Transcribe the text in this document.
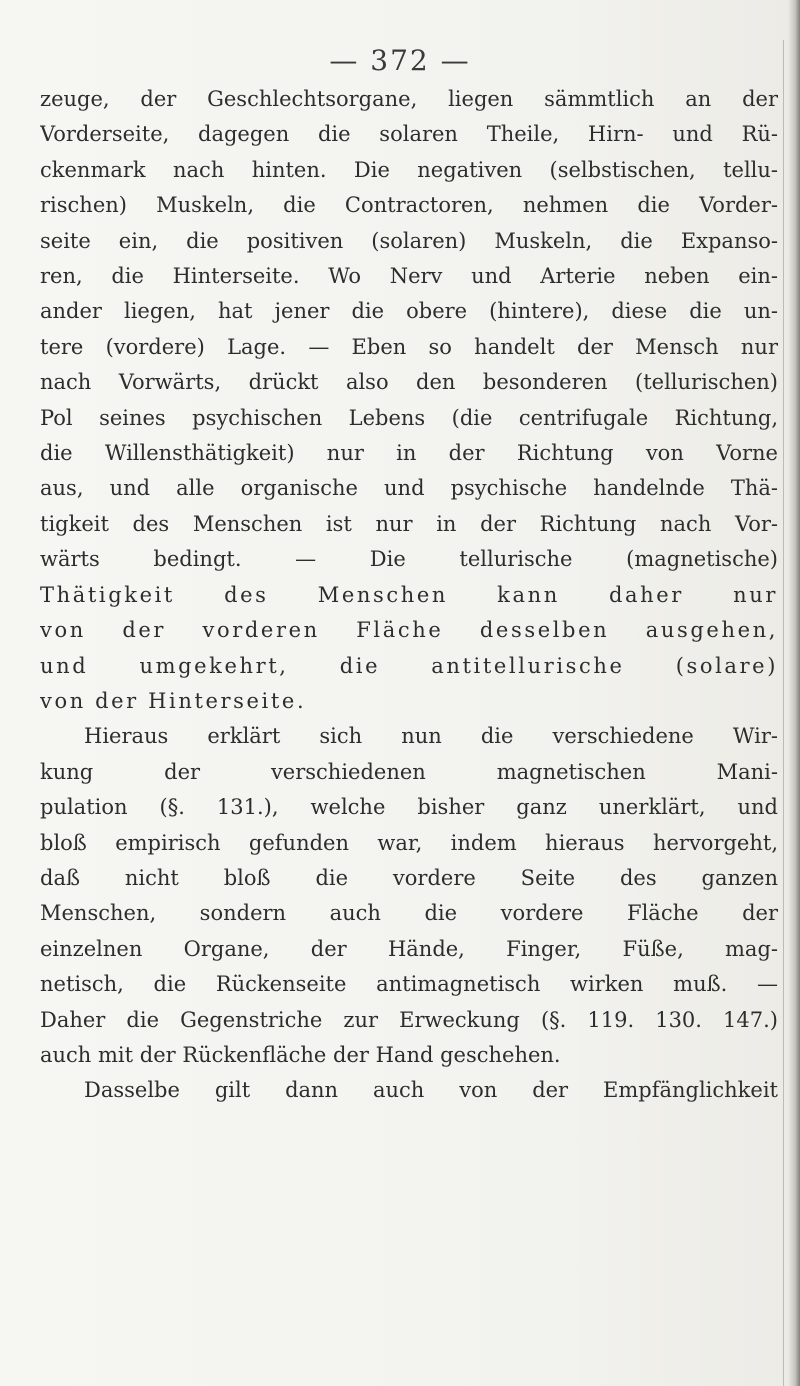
— 372 —
zeuge, der Geschlechtsorgane, liegen sämmtlich an der
Vorderseite, dagegen die solaren Theile, Hirn- und Rü-
ckenmark nach hinten. Die negativen (selbstischen, tellu-
rischen) Muskeln, die Contractoren, nehmen die Vorder-
seite ein, die positiven (solaren) Muskeln, die Expanso-
ren, die Hinterseite. Wo Nerv und Arterie neben ein-
ander liegen, hat jener die obere (hintere), diese die un-
tere (vordere) Lage. — Eben so handelt der Mensch nur
nach Vorwärts, drückt also den besonderen (tellurischen)
Pol seines psychischen Lebens (die centrifugale Richtung,
die Willensthätigkeit) nur in der Richtung von Vorne
aus, und alle organische und psychische handelnde Thä-
tigkeit des Menschen ist nur in der Richtung nach Vor-
wärts bedingt. — Die tellurische (magnetische)
Thätigkeit des Menschen kann daher nur
von der vorderen Fläche desselben ausgehen,
und umgekehrt, die antitellurische (solare)
von der Hinterseite.
Hieraus erklärt sich nun die verschiedene Wir-
kung der verschiedenen magnetischen Mani-
pulation (§. 131.), welche bisher ganz unerklärt, und
bloß empirisch gefunden war, indem hieraus hervorgeht,
daß nicht bloß die vordere Seite des ganzen
Menschen, sondern auch die vordere Fläche der
einzelnen Organe, der Hände, Finger, Füße, mag-
netisch, die Rückenseite antimagnetisch wirken muß. —
Daher die Gegenstriche zur Erweckung (§. 119. 130. 147.)
auch mit der Rückenfläche der Hand geschehen.
Dasselbe gilt dann auch von der Empfänglichkeit
